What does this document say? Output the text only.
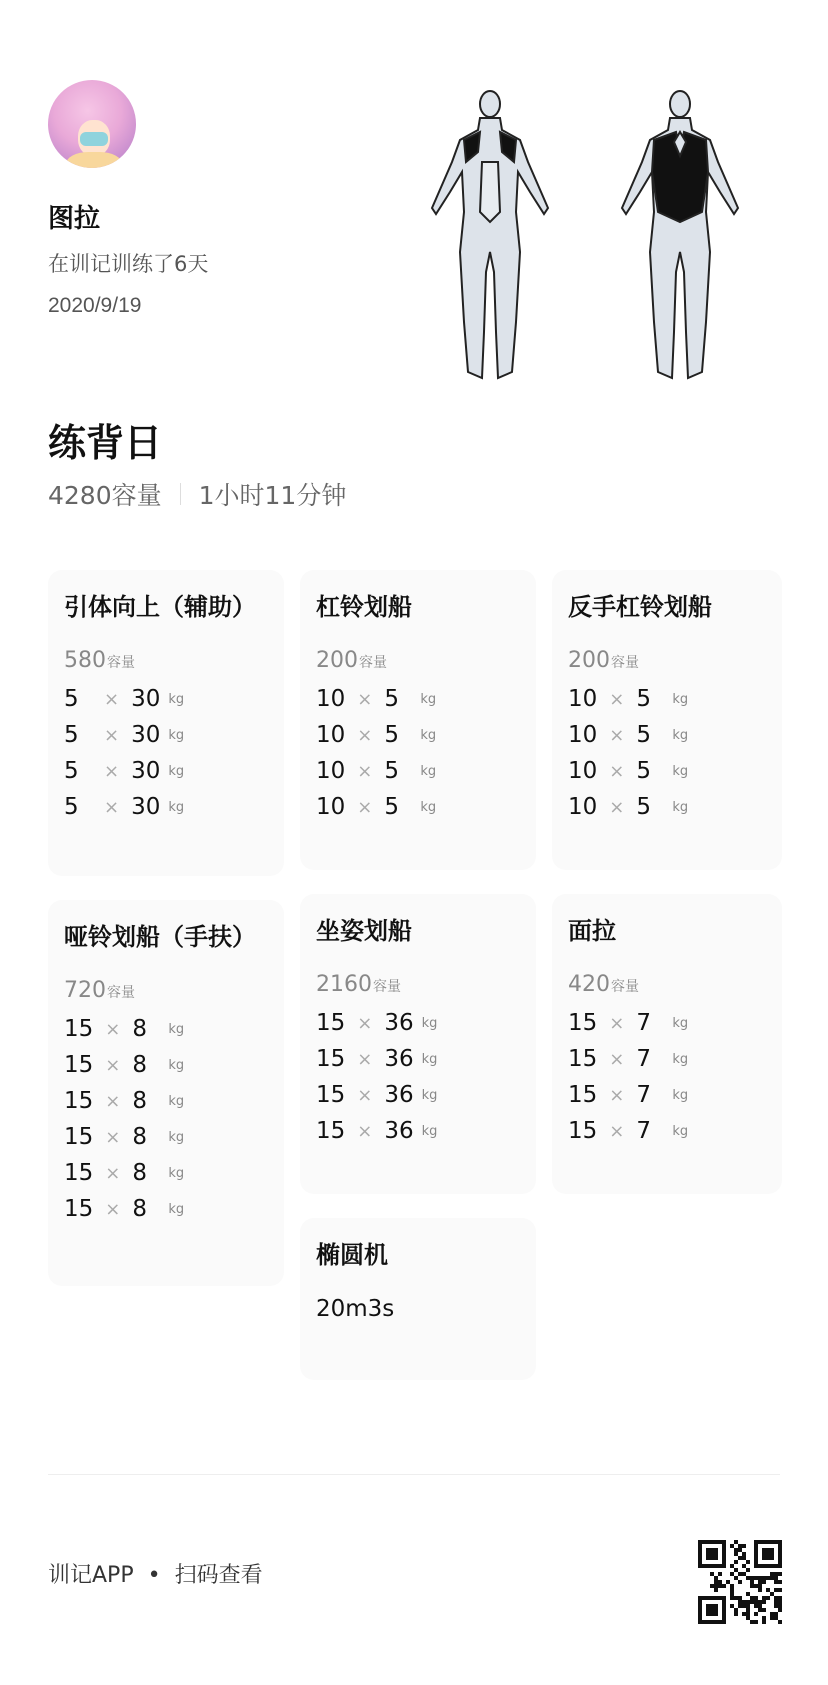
图拉
在训记训练了6天
2020/9/19
练背日
4280容量 1小时11分钟
引体向上（辅助）
580容量
5	× 30 kg
5	× 30 kg
5	× 30 kg
5	× 30 kg
杠铃划船
200容量
10 × 5	kg
10 × 5	kg
10 × 5	kg
10 × 5	kg
反手杠铃划船
200容量
10 × 5	kg
10 × 5	kg
10 × 5	kg
10 × 5	kg
哑铃划船（手扶）
720容量
15 × 8	kg
15 × 8	kg
15 × 8	kg
15 × 8	kg
15 × 8	kg
15 × 8	kg
坐姿划船
2160容量
15 × 36 kg
15 × 36 kg
15 × 36 kg
15 × 36 kg
面拉
420容量
15 × 7	kg
15 × 7	kg
15 × 7	kg
15 × 7	kg
椭圆机
20m3s
训记APP • 扫码查看
